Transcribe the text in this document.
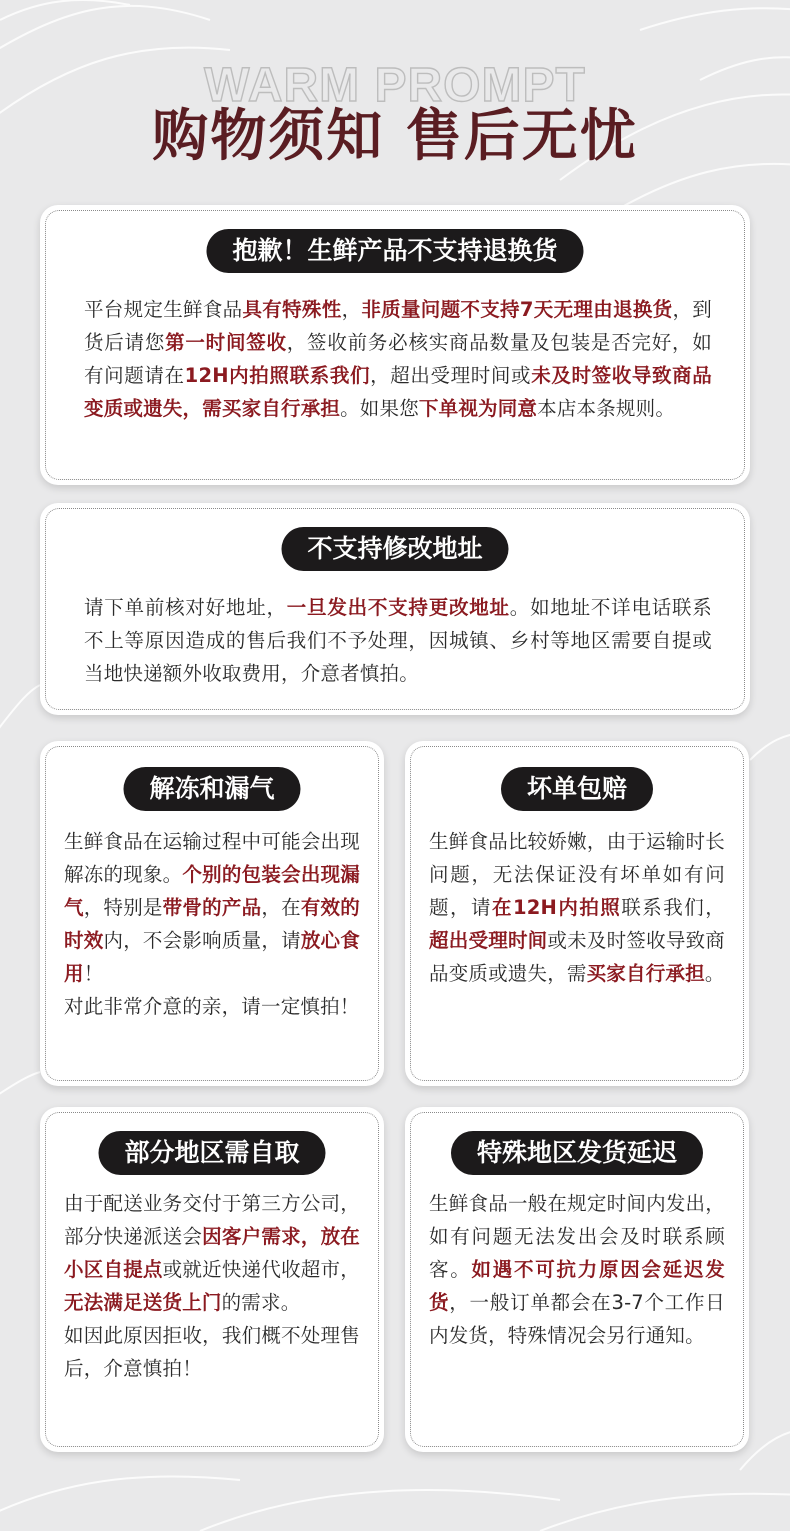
WARM PROMPT
购物须知 售后无忧
抱歉！生鲜产品不支持退换货
平台规定生鲜食品具有特殊性，非质量问题不支持7天无理由退换货，到货后请您第一时间签收，签收前务必核实商品数量及包装是否完好，如有问题请在12H内拍照联系我们，超出受理时间或未及时签收导致商品变质或遗失，需买家自行承担。如果您下单视为同意本店本条规则。
不支持修改地址
请下单前核对好地址，一旦发出不支持更改地址。如地址不详电话联系不上等原因造成的售后我们不予处理，因城镇、乡村等地区需要自提或当地快递额外收取费用，介意者慎拍。
解冻和漏气
生鲜食品在运输过程中可能会出现解冻的现象。个别的包装会出现漏气，特别是带骨的产品，在有效的时效内，不会影响质量，请放心食用！
对此非常介意的亲，请一定慎拍！
坏单包赔
生鲜食品比较娇嫩，由于运输时长问题，无法保证没有坏单如有问题，请在12H内拍照联系我们，超出受理时间或未及时签收导致商品变质或遗失，需买家自行承担。
部分地区需自取
由于配送业务交付于第三方公司，部分快递派送会因客户需求，放在小区自提点或就近快递代收超市，无法满足送货上门的需求。
如因此原因拒收，我们概不处理售后，介意慎拍！
特殊地区发货延迟
生鲜食品一般在规定时间内发出，如有问题无法发出会及时联系顾客。如遇不可抗力原因会延迟发货，一般订单都会在3-7个工作日内发货，特殊情况会另行通知。
